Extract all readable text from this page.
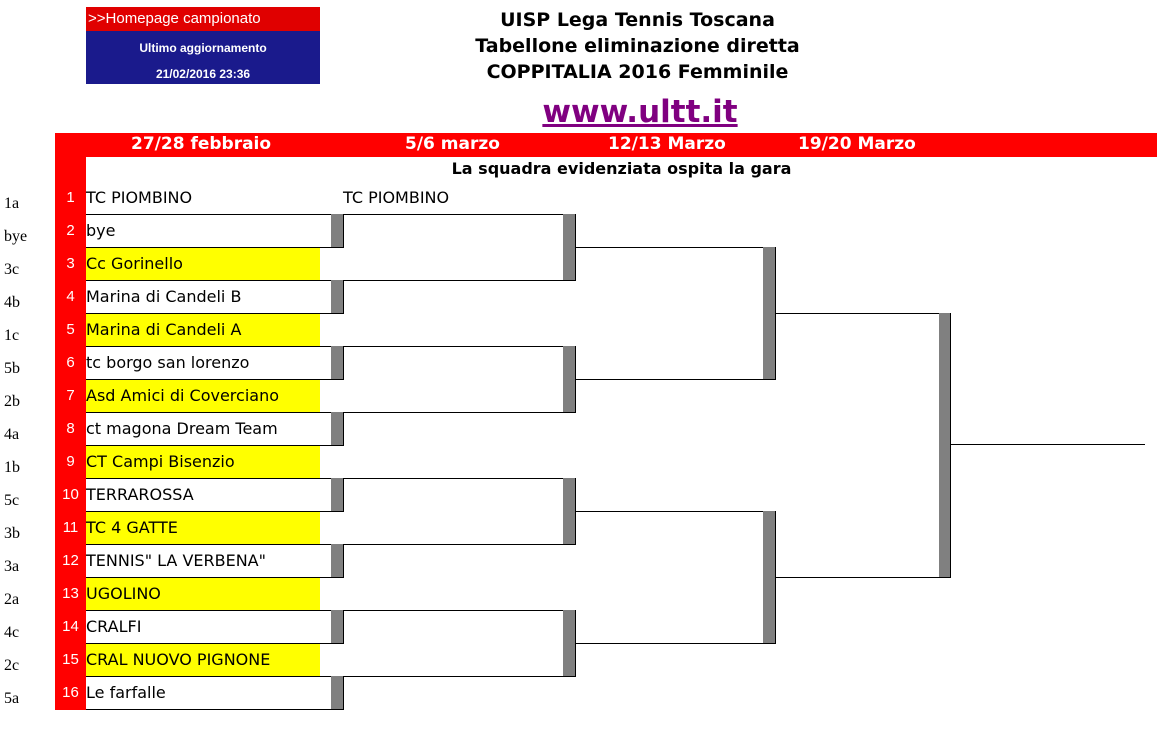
>>Homepage campionato
Ultimo aggiornamento
21/02/2016 23:36
UISP Lega Tennis Toscana
Tabellone eliminazione diretta
COPPITALIA 2016 Femminile
www.ultt.it
27/28 febbraio	5/6 marzo	12/13 Marzo	19/20 Marzo
La squadra evidenziata ospita la gara
1a	1 TC PIOMBINO
bye	2 bye
3c	3 Cc Gorinello
4b	4 Marina di Candeli B
1c	5 Marina di Candeli A
5b	6 tc borgo san lorenzo
2b	7 Asd Amici di Coverciano
4a	8 ct magona Dream Team
1b	9 CT Campi Bisenzio
5c	10 TERRAROSSA
3b	11 TC 4 GATTE
3a	12 TENNIS" LA VERBENA"
2a	13 UGOLINO
4c	14 CRALFI
2c	15 CRAL NUOVO PIGNONE
5a	16 Le farfalle
TC PIOMBINO
